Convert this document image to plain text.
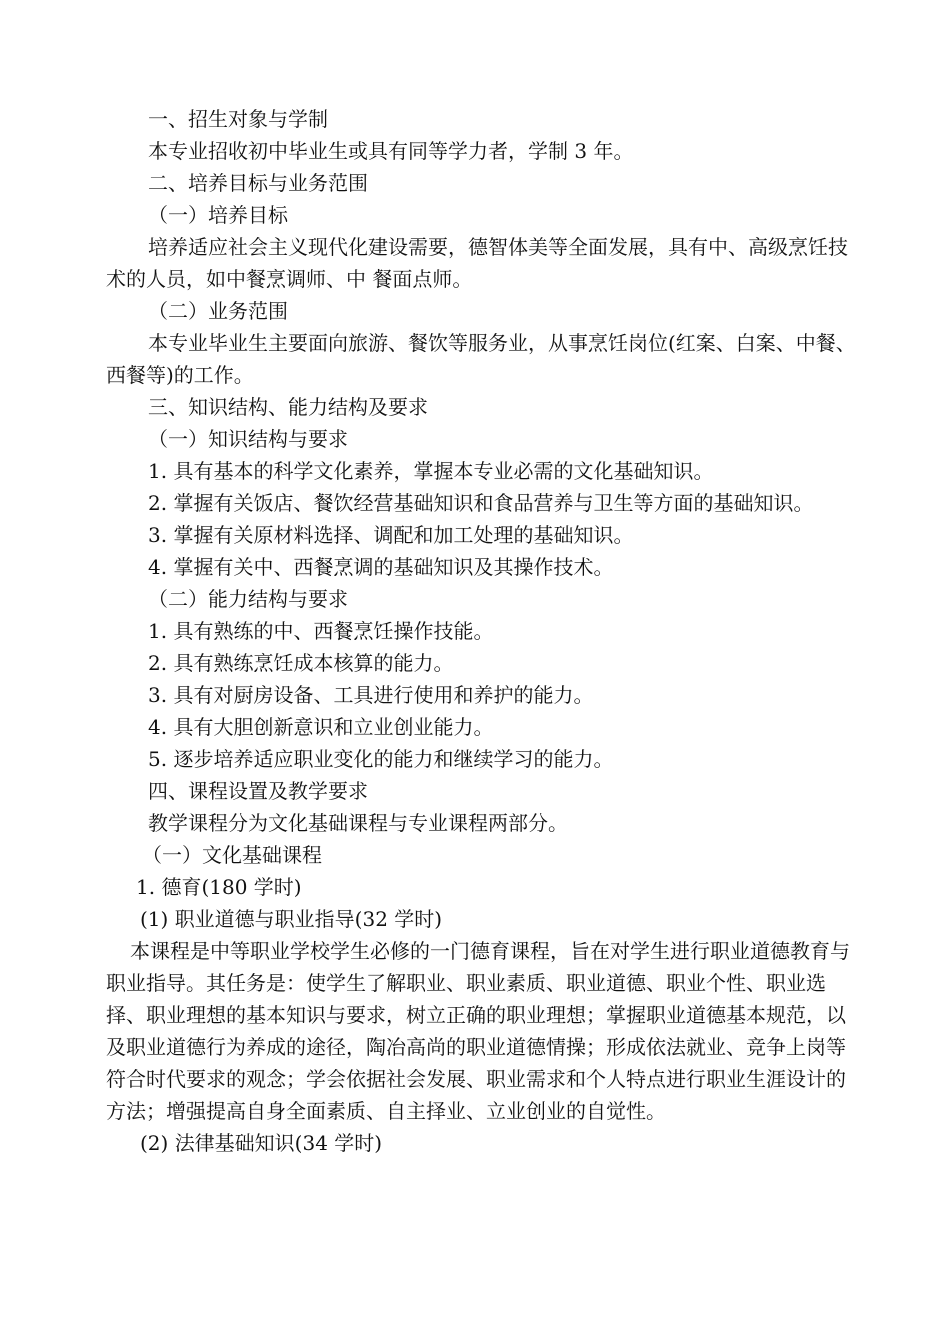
一、招生对象与学制

本专业招收初中毕业生或具有同等学力者，学制 3 年。

二、培养目标与业务范围

（一）培养目标

培养适应社会主义现代化建设需要，德智体美等全面发展，具有中、高级烹饪技术的人员，如中餐烹调师、中 餐面点师。

（二）业务范围

本专业毕业生主要面向旅游、餐饮等服务业，从事烹饪岗位(红案、白案、中餐、西餐等)的工作。

三、知识结构、能力结构及要求

（一）知识结构与要求

1. 具有基本的科学文化素养，掌握本专业必需的文化基础知识。

2. 掌握有关饭店、餐饮经营基础知识和食品营养与卫生等方面的基础知识。

3. 掌握有关原材料选择、调配和加工处理的基础知识。

4. 掌握有关中、西餐烹调的基础知识及其操作技术。

（二）能力结构与要求

1. 具有熟练的中、西餐烹饪操作技能。

2. 具有熟练烹饪成本核算的能力。

3. 具有对厨房设备、工具进行使用和养护的能力。

4. 具有大胆创新意识和立业创业能力。

5. 逐步培养适应职业变化的能力和继续学习的能力。

四、课程设置及教学要求

教学课程分为文化基础课程与专业课程两部分。

（一）文化基础课程

1. 德育(180 学时)

(1) 职业道德与职业指导(32 学时)

本课程是中等职业学校学生必修的一门德育课程，旨在对学生进行职业道德教育与职业指导。其任务是：使学生了解职业、职业素质、职业道德、职业个性、职业选择、职业理想的基本知识与要求，树立正确的职业理想；掌握职业道德基本规范，以及职业道德行为养成的途径，陶冶高尚的职业道德情操；形成依法就业、竞争上岗等符合时代要求的观念；学会依据社会发展、职业需求和个人特点进行职业生涯设计的方法；增强提高自身全面素质、自主择业、立业创业的自觉性。

(2) 法律基础知识(34 学时)
